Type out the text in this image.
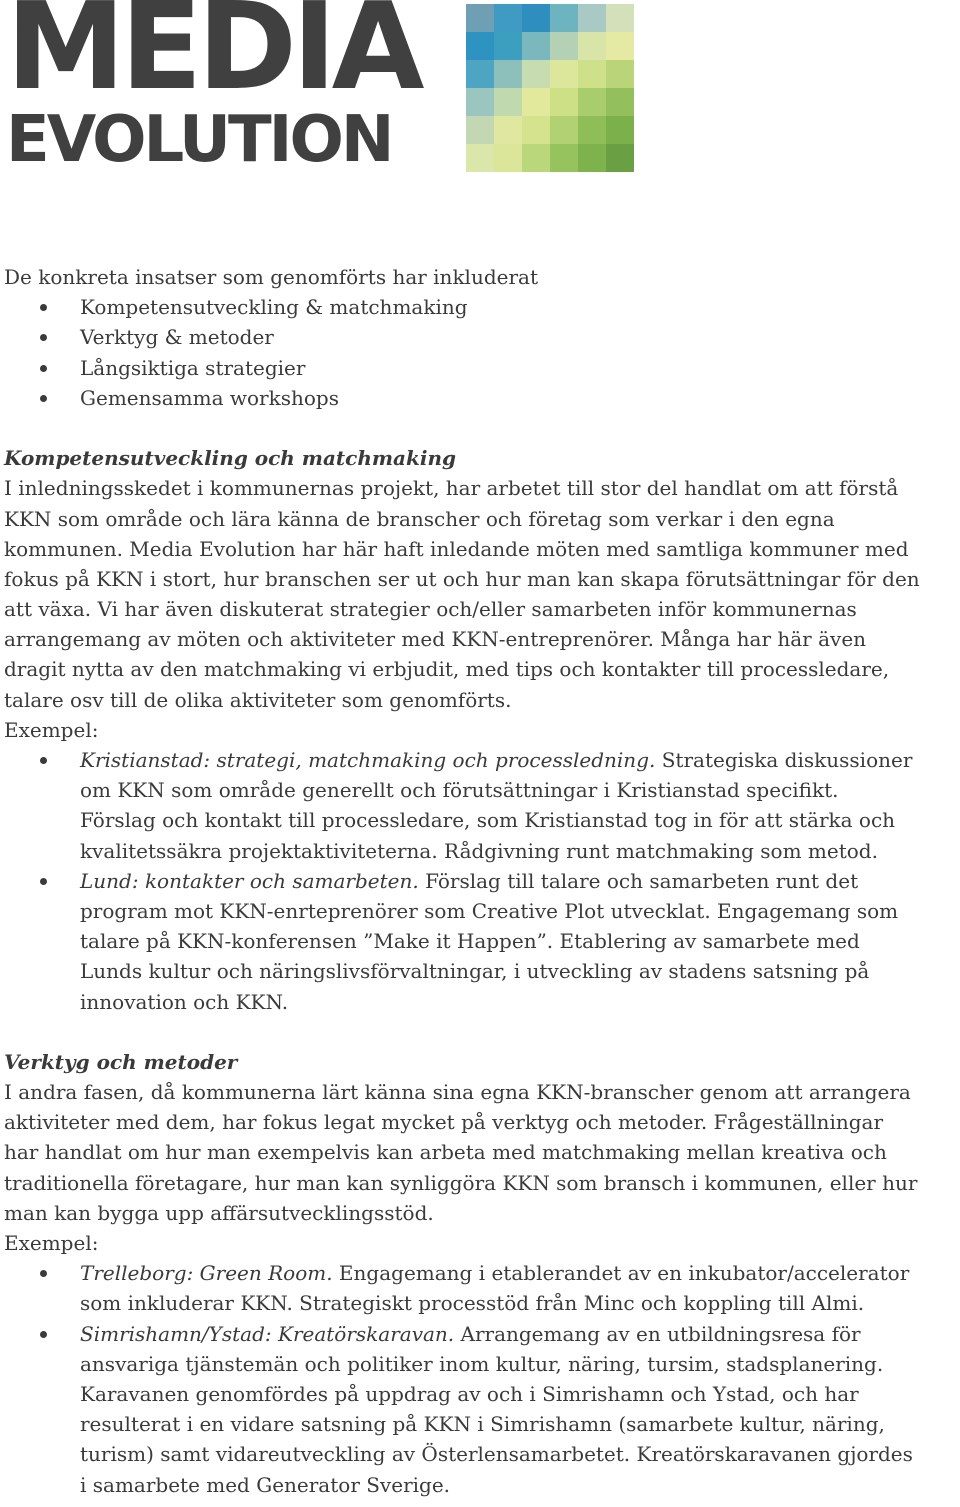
MEDIA
EVOLUTION

De konkreta insatser som genomförts har inkluderat

Kompetensutveckling & matchmaking
Verktyg & metoder
Långsiktiga strategier
Gemensamma workshops

Kompetensutveckling och matchmaking

I inledningsskedet i kommunernas projekt, har arbetet till stor del handlat om att förstå

KKN som område och lära känna de branscher och företag som verkar i den egna

kommunen. Media Evolution har här haft inledande möten med samtliga kommuner med

fokus på KKN i stort, hur branschen ser ut och hur man kan skapa förutsättningar för den

att växa. Vi har även diskuterat strategier och/eller samarbeten inför kommunernas

arrangemang av möten och aktiviteter med KKN-entreprenörer. Många har här även

dragit nytta av den matchmaking vi erbjudit, med tips och kontakter till processledare,

talare osv till de olika aktiviteter som genomförts.

Exempel:

Kristianstad: strategi, matchmaking och processledning. Strategiska diskussioner
om KKN som område generellt och förutsättningar i Kristianstad specifikt.
Förslag och kontakt till processledare, som Kristianstad tog in för att stärka och
kvalitetssäkra projektaktiviteterna. Rådgivning runt matchmaking som metod.
Lund: kontakter och samarbeten. Förslag till talare och samarbeten runt det
program mot KKN-enrteprenörer som Creative Plot utvecklat. Engagemang som
talare på KKN-konferensen ”Make it Happen”. Etablering av samarbete med
Lunds kultur och näringslivsförvaltningar, i utveckling av stadens satsning på
innovation och KKN.

Verktyg och metoder

I andra fasen, då kommunerna lärt känna sina egna KKN-branscher genom att arrangera

aktiviteter med dem, har fokus legat mycket på verktyg och metoder. Frågeställningar

har handlat om hur man exempelvis kan arbeta med matchmaking mellan kreativa och

traditionella företagare, hur man kan synliggöra KKN som bransch i kommunen, eller hur

man kan bygga upp affärsutvecklingsstöd.

Exempel:

Trelleborg: Green Room. Engagemang i etablerandet av en inkubator/accelerator
som inkluderar KKN. Strategiskt processtöd från Minc och koppling till Almi.
Simrishamn/Ystad: Kreatörskaravan. Arrangemang av en utbildningsresa för
ansvariga tjänstemän och politiker inom kultur, näring, tursim, stadsplanering.
Karavanen genomfördes på uppdrag av och i Simrishamn och Ystad, och har
resulterat i en vidare satsning på KKN i Simrishamn (samarbete kultur, näring,
turism) samt vidareutveckling av Österlensamarbetet. Kreatörskaravanen gjordes
i samarbete med Generator Sverige.
